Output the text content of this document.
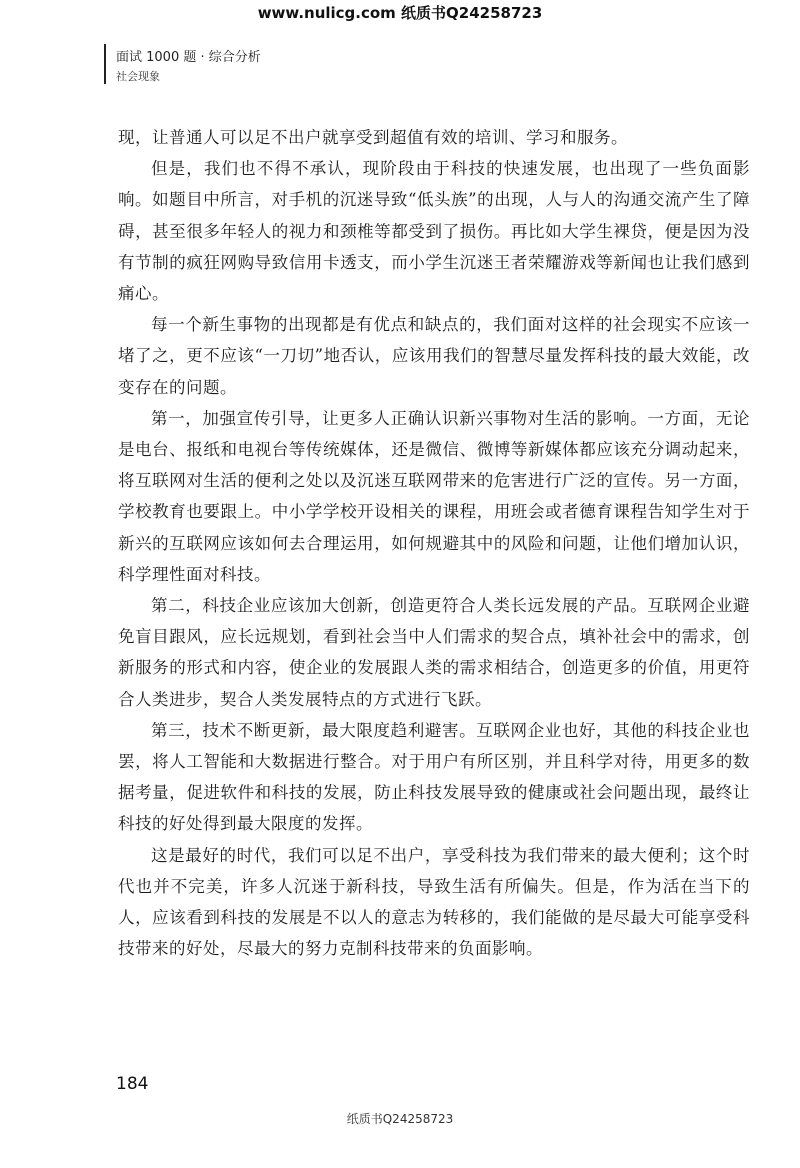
www.nulicg.com 纸质书Q24258723
面试 1000 题 · 综合分析
社会现象

现，让普通人可以足不出户就享受到超值有效的培训、学习和服务。

但是，我们也不得不承认，现阶段由于科技的快速发展，也出现了一些负面影响。如题目中所言，对手机的沉迷导致“低头族”的出现，人与人的沟通交流产生了障碍，甚至很多年轻人的视力和颈椎等都受到了损伤。再比如大学生裸贷，便是因为没有节制的疯狂网购导致信用卡透支，而小学生沉迷王者荣耀游戏等新闻也让我们感到痛心。

每一个新生事物的出现都是有优点和缺点的，我们面对这样的社会现实不应该一堵了之，更不应该“一刀切”地否认，应该用我们的智慧尽量发挥科技的最大效能，改变存在的问题。

第一，加强宣传引导，让更多人正确认识新兴事物对生活的影响。一方面，无论是电台、报纸和电视台等传统媒体，还是微信、微博等新媒体都应该充分调动起来，将互联网对生活的便利之处以及沉迷互联网带来的危害进行广泛的宣传。另一方面，学校教育也要跟上。中小学学校开设相关的课程，用班会或者德育课程告知学生对于新兴的互联网应该如何去合理运用，如何规避其中的风险和问题，让他们增加认识，科学理性面对科技。

第二，科技企业应该加大创新，创造更符合人类长远发展的产品。互联网企业避免盲目跟风，应长远规划，看到社会当中人们需求的契合点，填补社会中的需求，创新服务的形式和内容，使企业的发展跟人类的需求相结合，创造更多的价值，用更符合人类进步，契合人类发展特点的方式进行飞跃。

第三，技术不断更新，最大限度趋利避害。互联网企业也好，其他的科技企业也罢，将人工智能和大数据进行整合。对于用户有所区别，并且科学对待，用更多的数据考量，促进软件和科技的发展，防止科技发展导致的健康或社会问题出现，最终让科技的好处得到最大限度的发挥。

这是最好的时代，我们可以足不出户，享受科技为我们带来的最大便利；这个时代也并不完美，许多人沉迷于新科技，导致生活有所偏失。但是，作为活在当下的人，应该看到科技的发展是不以人的意志为转移的，我们能做的是尽最大可能享受科技带来的好处，尽最大的努力克制科技带来的负面影响。

184
纸质书Q24258723
